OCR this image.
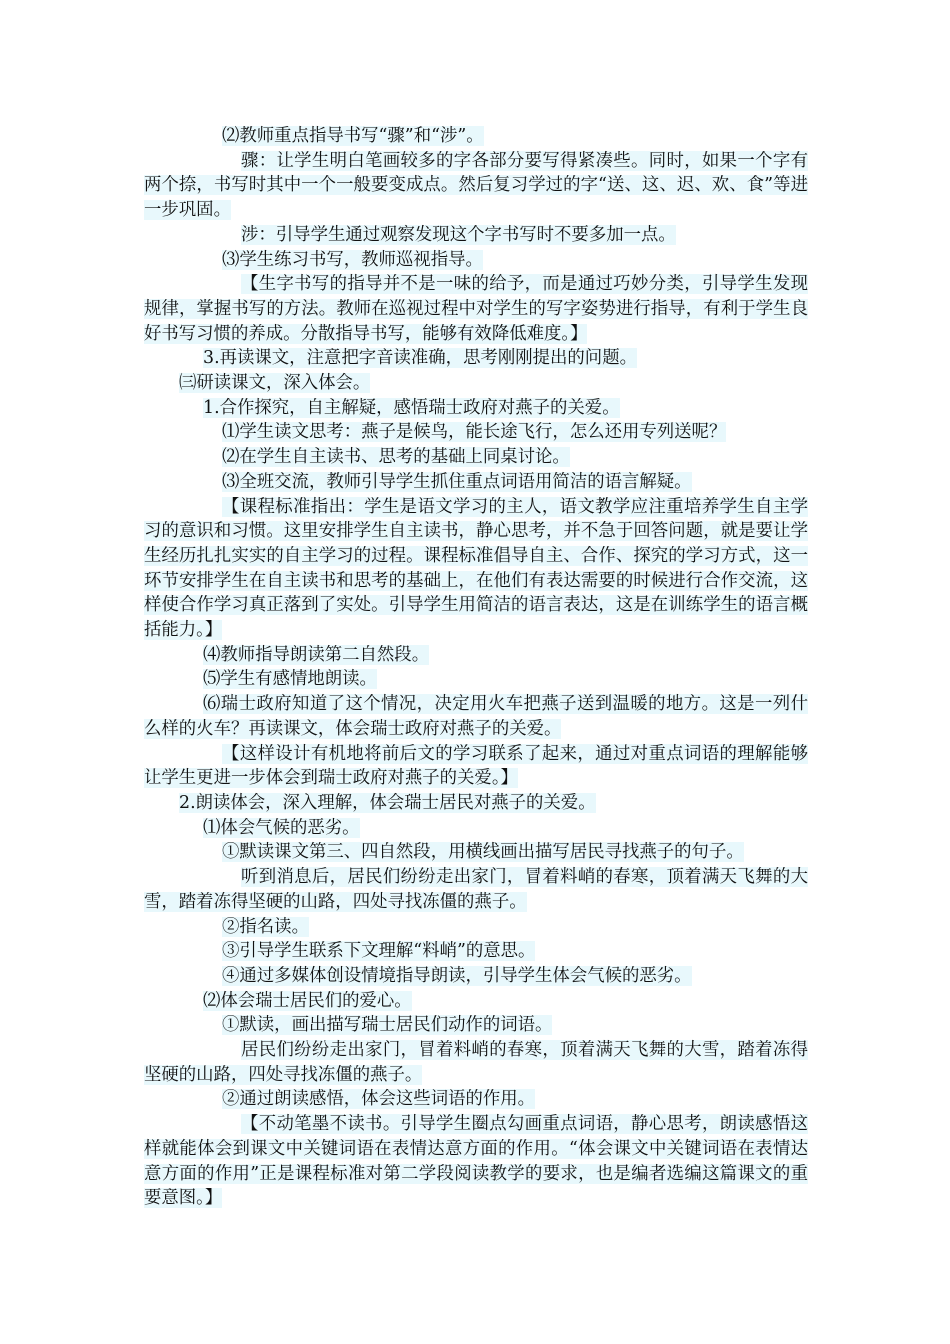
⑵教师重点指导书写“骤”和“涉”。

骤：让学生明白笔画较多的字各部分要写得紧凑些。同时，如果一个字有两个捺，书写时其中一个一般要变成点。然后复习学过的字“送、这、迟、欢、食”等进一步巩固。

涉：引导学生通过观察发现这个字书写时不要多加一点。

⑶学生练习书写，教师巡视指导。

【生字书写的指导并不是一味的给予，而是通过巧妙分类，引导学生发现规律，掌握书写的方法。教师在巡视过程中对学生的写字姿势进行指导，有利于学生良好书写习惯的养成。分散指导书写，能够有效降低难度。】

3.再读课文，注意把字音读准确，思考刚刚提出的问题。

㈢研读课文，深入体会。

1.合作探究，自主解疑，感悟瑞士政府对燕子的关爱。

⑴学生读文思考：燕子是候鸟，能长途飞行，怎么还用专列送呢？

⑵在学生自主读书、思考的基础上同桌讨论。

⑶全班交流，教师引导学生抓住重点词语用简洁的语言解疑。

【课程标准指出：学生是语文学习的主人，语文教学应注重培养学生自主学习的意识和习惯。这里安排学生自主读书，静心思考，并不急于回答问题，就是要让学生经历扎扎实实的自主学习的过程。课程标准倡导自主、合作、探究的学习方式，这一环节安排学生在自主读书和思考的基础上，在他们有表达需要的时候进行合作交流，这样使合作学习真正落到了实处。引导学生用简洁的语言表达，这是在训练学生的语言概括能力。】

⑷教师指导朗读第二自然段。

⑸学生有感情地朗读。

⑹瑞士政府知道了这个情况，决定用火车把燕子送到温暖的地方。这是一列什么样的火车？再读课文，体会瑞士政府对燕子的关爱。

【这样设计有机地将前后文的学习联系了起来，通过对重点词语的理解能够让学生更进一步体会到瑞士政府对燕子的关爱。】

2.朗读体会，深入理解，体会瑞士居民对燕子的关爱。

⑴体会气候的恶劣。

①默读课文第三、四自然段，用横线画出描写居民寻找燕子的句子。

听到消息后，居民们纷纷走出家门，冒着料峭的春寒，顶着满天飞舞的大雪，踏着冻得坚硬的山路，四处寻找冻僵的燕子。

②指名读。

③引导学生联系下文理解“料峭”的意思。

④通过多媒体创设情境指导朗读，引导学生体会气候的恶劣。

⑵体会瑞士居民们的爱心。

①默读，画出描写瑞士居民们动作的词语。

居民们纷纷走出家门，冒着料峭的春寒，顶着满天飞舞的大雪，踏着冻得坚硬的山路，四处寻找冻僵的燕子。

②通过朗读感悟，体会这些词语的作用。

【不动笔墨不读书。引导学生圈点勾画重点词语，静心思考，朗读感悟这样就能体会到课文中关键词语在表情达意方面的作用。“体会课文中关键词语在表情达意方面的作用”正是课程标准对第二学段阅读教学的要求，也是编者选编这篇课文的重要意图。】
